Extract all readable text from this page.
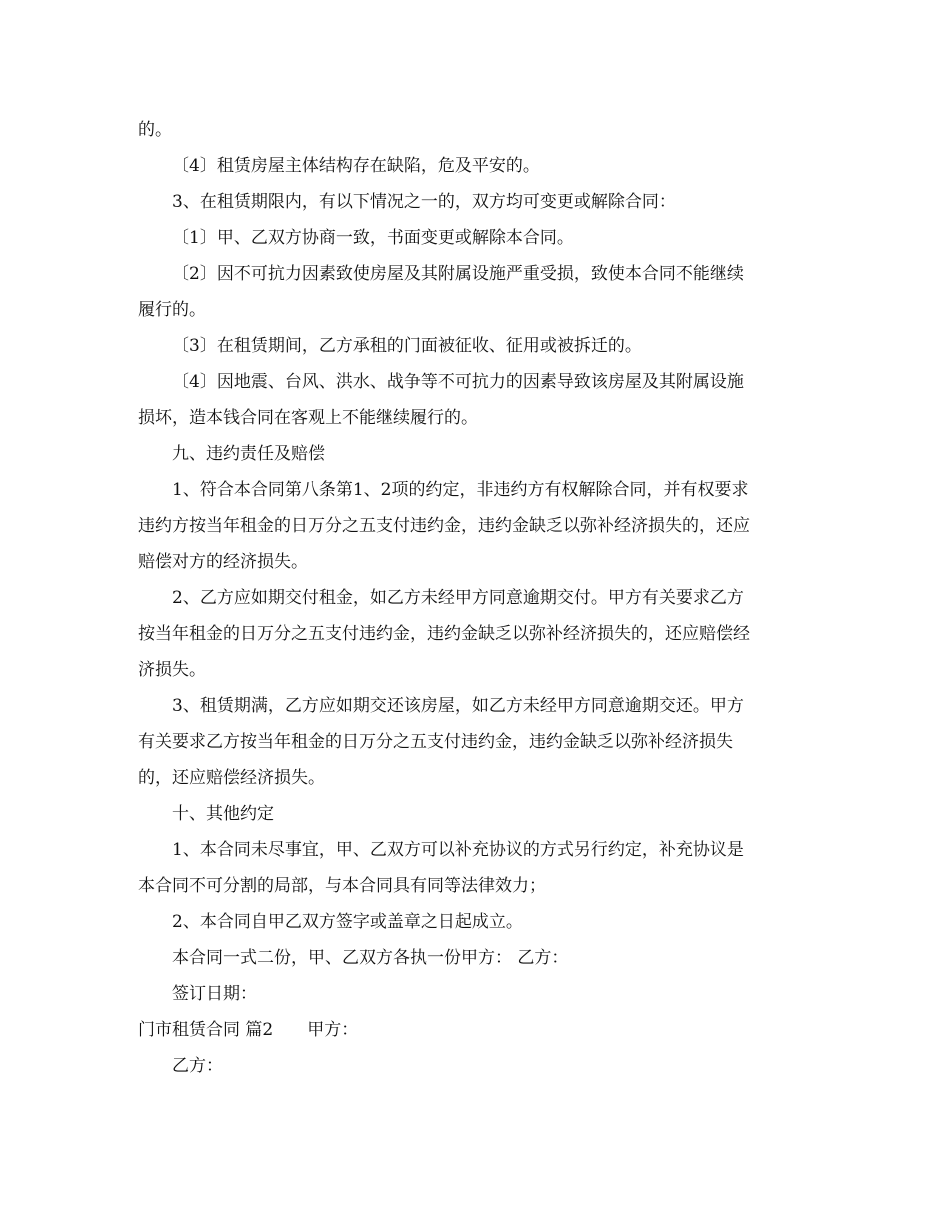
的。

〔4〕租赁房屋主体结构存在缺陷，危及平安的。

3、在租赁期限内，有以下情况之一的，双方均可变更或解除合同：

〔1〕甲、乙双方协商一致，书面变更或解除本合同。

〔2〕因不可抗力因素致使房屋及其附属设施严重受损，致使本合同不能继续

履行的。

〔3〕在租赁期间，乙方承租的门面被征收、征用或被拆迁的。

〔4〕因地震、台风、洪水、战争等不可抗力的因素导致该房屋及其附属设施

损坏，造本钱合同在客观上不能继续履行的。

九、违约责任及赔偿

1、符合本合同第八条第1、2项的约定，非违约方有权解除合同，并有权要求

违约方按当年租金的日万分之五支付违约金，违约金缺乏以弥补经济损失的，还应

赔偿对方的经济损失。

2、乙方应如期交付租金，如乙方未经甲方同意逾期交付。甲方有关要求乙方

按当年租金的日万分之五支付违约金，违约金缺乏以弥补经济损失的，还应赔偿经

济损失。

3、租赁期满，乙方应如期交还该房屋，如乙方未经甲方同意逾期交还。甲方

有关要求乙方按当年租金的日万分之五支付违约金，违约金缺乏以弥补经济损失

的，还应赔偿经济损失。

十、其他约定

1、本合同未尽事宜，甲、乙双方可以补充协议的方式另行约定，补充协议是

本合同不可分割的局部，与本合同具有同等法律效力；

2、本合同自甲乙双方签字或盖章之日起成立。

本合同一式二份，甲、乙双方各执一份甲方： 乙方：

签订日期：

门市租赁合同 篇2 甲方：

乙方：
